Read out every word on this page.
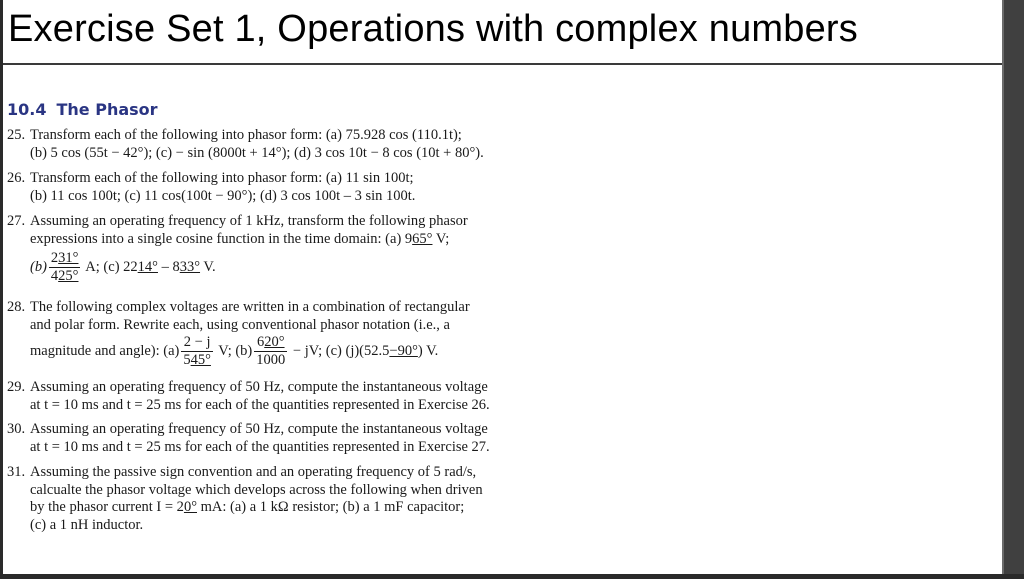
Exercise Set 1, Operations with complex numbers
10.4 The Phasor
25. Transform each of the following into phasor form: (a) 75.928 cos (110.1t);
(b) 5 cos (55t − 42°); (c) − sin (8000t + 14°); (d) 3 cos 10t − 8 cos (10t + 80°).
26. Transform each of the following into phasor form: (a) 11 sin 100t;
(b) 11 cos 100t; (c) 11 cos(100t − 90°); (d) 3 cos 100t – 3 sin 100t.
27. Assuming an operating frequency of 1 kHz, transform the following phasor
expressions into a single cosine function in the time domain: (a) 965° V;
$(b) \frac{231^\circ}{425^\circ} A$; (c) 2214° – 833° V.
28. The following complex voltages are written in a combination of rectangular
and polar form. Rewrite each, using conventional phasor notation (i.e., a
magnitude and angle): $(a) \frac{2 - j}{545^\circ} V$; $(b) \frac{620^\circ}{1000}$ − jV; (c) (j)(52.5−90°) V.
29. Assuming an operating frequency of 50 Hz, compute the instantaneous voltage
at t = 10 ms and t = 25 ms for each of the quantities represented in Exercise 26.
30. Assuming an operating frequency of 50 Hz, compute the instantaneous voltage
at t = 10 ms and t = 25 ms for each of the quantities represented in Exercise 27.
31. Assuming the passive sign convention and an operating frequency of 5 rad/s,
calcualte the phasor voltage which develops across the following when driven
by the phasor current I = 20° mA: (a) a 1 kΩ resistor; (b) a 1 mF capacitor;
(c) a 1 nH inductor.
